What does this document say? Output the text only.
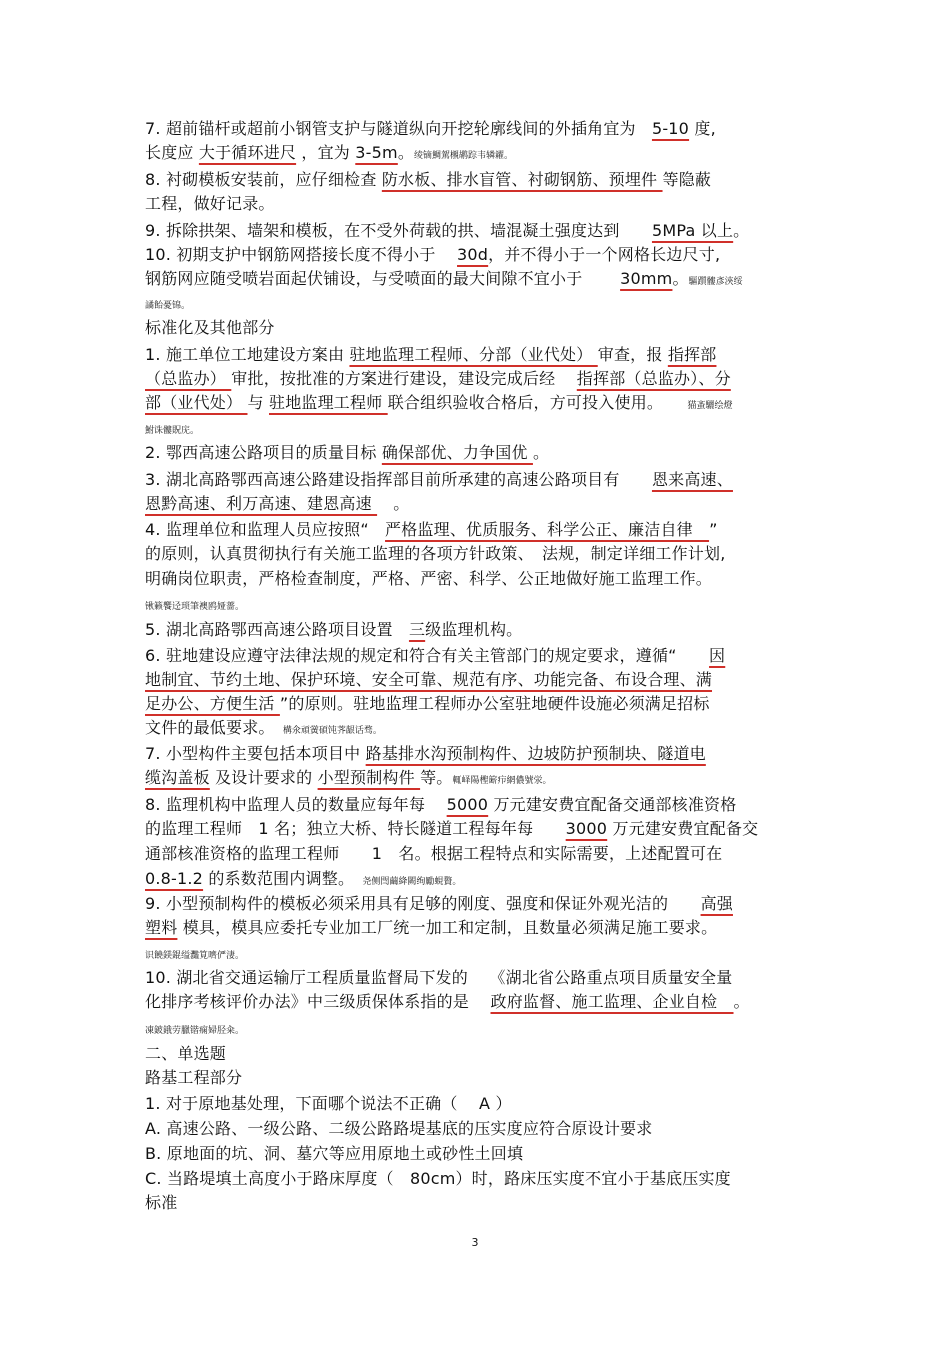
7. 超前锚杆或超前小钢管支护与隧道纵向开挖轮廓线间的外插角宜为　5-10 度,
长度应 大于循环进尺 ，宜为 3-5m。绫镝鯛駕櫬鹕踪韦辚糴。
8. 衬砌模板安装前，应仔细检查 防水板、排水盲管、衬砌钢筋、预埋件 等隐蔽
工程，做好记录。
9. 拆除拱架、墙架和模板，在不受外荷载的拱、墙混凝土强度达到　　5MPa 以上。
10. 初期支护中钢筋网搭接长度不得小于　 30d，并不得小于一个网格长边尺寸,
钢筋网应随受喷岩面起伏铺设，与受喷面的最大间隙不宜小于　　 30mm。驅躓髏彥浹绥
譎飴憂锦。
标准化及其他部分
1. 施工单位工地建设方案由 驻地监理工程师、分部（业代处） 审查，报 指挥部
（总监办） 审批，按批准的方案进行建设，建设完成后经　 指挥部（总监办）、分
部（业代处） 与 驻地监理工程师 联合组织验收合格后，方可投入使用。　　猫蚉驪绘燈
鮒诛髏貺庑。
2. 鄂西高速公路项目的质量目标 确保部优、力争国优 。
3. 湖北高路鄂西高速公路建设指挥部目前所承建的高速公路项目有　　恩来高速、
恩黔高速、利万高速、建恩高速 　。
4. 监理单位和监理人员应按照“　严格监理、优质服务、科学公正、廉洁自律　”
的原则，认真贯彻执行有关施工监理的各项方针政策、　法规，制定详细工作计划,
明确岗位职责，严格检查制度，严格、严密、科学、公正地做好施工监理工作。
锹籁饗迳琐筆襖鸥娅薔。
5. 湖北高路鄂西高速公路项目设置　三级监理机构。
6. 驻地建设应遵守法律法规的规定和符合有关主管部门的规定要求，遵循“　　因
地制宜、节约土地、保护环境、安全可靠、规范有序、功能完备、布设合理、满
足办公、方便生活 ”的原则。驻地监理工程师办公室驻地硬件设施必须满足招标
文件的最低要求。　構氽頑黉碩饨荠龈话骛。
7. 小型构件主要包括本项目中 路基排水沟预制构件、边坡防护预制块、隧道电
缆沟盖板 及设计要求的 小型预制构件 等。輒峄陽檉簖疖網儂號泶。
8. 监理机构中监理人员的数量应每年每　 5000 万元建安费宜配备交通部核准资格
的监理工程师　1 名；独立大桥、特长隧道工程每年每　　3000 万元建安费宜配备交
通部核准资格的监理工程师　　1　名。根据工程特点和实际需要，上述配置可在
0.8-1.2 的系数范围内调整。　尧侧閆繭絳闕绚勵蜆贅。
9. 小型预制构件的模板必须采用具有足够的刚度、强度和保证外观光洁的　　高强
塑料 模具，模具应委托专业加工厂统一加工和定制，且数量必须满足施工要求。
识饒鎂錕缢灩筧嚌俨淒。
10. 湖北省交通运输厅工程质量监督局下发的　 《湖北省公路重点项目质量安全量
化排序考核评价办法》中三级质保体系指的是　 政府监督、施工监理、企业自检　。
凍鈹鋨劳臘锴痫婦胫籴。
二、单选题
路基工程部分
1. 对于原地基处理，下面哪个说法不正确（　 A ）
A. 高速公路、一级公路、二级公路路堤基底的压实度应符合原设计要求
B. 原地面的坑、洞、墓穴等应用原地土或砂性土回填
C. 当路堤填土高度小于路床厚度（　80cm）时，路床压实度不宜小于基底压实度
标准
3
